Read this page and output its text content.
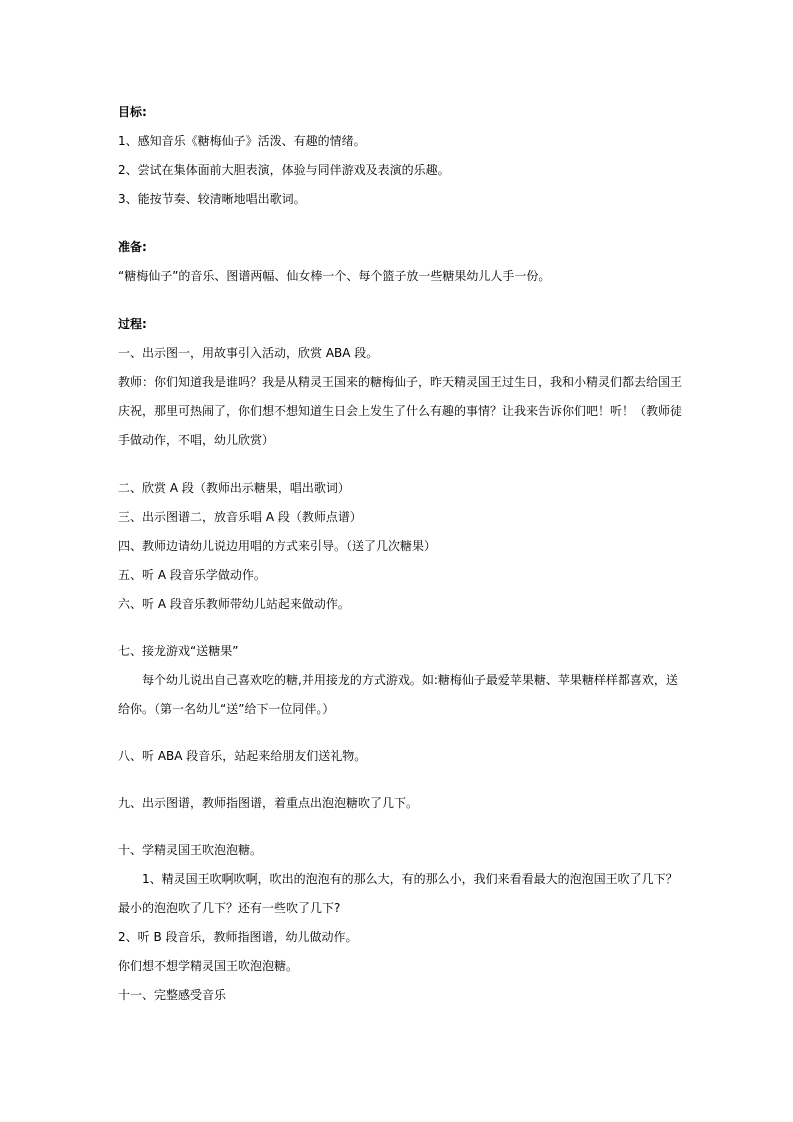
目标:
1、感知音乐《糖梅仙子》活泼、有趣的情绪。
2、尝试在集体面前大胆表演，体验与同伴游戏及表演的乐趣。
3、能按节奏、较清晰地唱出歌词。
准备:
“糖梅仙子”的音乐、图谱两幅、仙女棒一个、每个篮子放一些糖果幼儿人手一份。
过程:
一、出示图一，用故事引入活动，欣赏 ABA 段。
教师：你们知道我是谁吗？我是从精灵王国来的糖梅仙子，昨天精灵国王过生日，我和小精灵们都去给国王庆祝，那里可热闹了，你们想不想知道生日会上发生了什么有趣的事情？让我来告诉你们吧！听！（教师徒手做动作，不唱，幼儿欣赏）
二、欣赏 A 段（教师出示糖果，唱出歌词）
三、出示图谱二，放音乐唱 A 段（教师点谱）
四、教师边请幼儿说边用唱的方式来引导。（送了几次糖果）
五、听 A 段音乐学做动作。
六、听 A 段音乐教师带幼儿站起来做动作。
七、接龙游戏“送糖果”
每个幼儿说出自己喜欢吃的糖,并用接龙的方式游戏。如:糖梅仙子最爱苹果糖、苹果糖样样都喜欢，送给你。（第一名幼儿“送”给下一位同伴。）
八、听 ABA 段音乐，站起来给朋友们送礼物。
九、出示图谱，教师指图谱，着重点出泡泡糖吹了几下。
十、学精灵国王吹泡泡糖。
1、精灵国王吹啊吹啊，吹出的泡泡有的那么大，有的那么小，我们来看看最大的泡泡国王吹了几下？最小的泡泡吹了几下？还有一些吹了几下?
2、听 B 段音乐，教师指图谱，幼儿做动作。
你们想不想学精灵国王吹泡泡糖。
十一、完整感受音乐
